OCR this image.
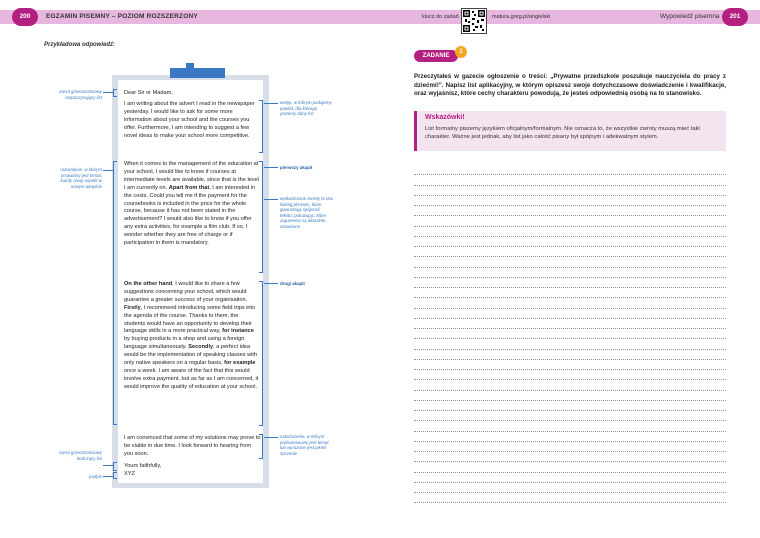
200	EGZAMIN PISEMNY – POZIOM ROZSZERZONY	klucz do zadań	matura.greg.pl/angielski	Wypowiedź pisemna	201
Przykładowa odpowiedź:
Dear Sir or Madam,
I am writing about the advert I read in the newspaper yesterday. I would like to ask for some more information about your school and the courses you offer. Furthermore, I am intending to suggest a few novel ideas to make your school more competitive.
When it comes to the management of the education at your school, I would like to know if courses at intermediate levels are available, since that is the level I am currently on. Apart from that, I am interested in the costs. Could you tell me if the payment for the coursebooks is included in the price for the whole course, because it has not been stated in the advertisement? I would also like to know if you offer any extra activities, for example a film club. If so, I wonder whether they are free of charge or if participation in them is mandatory.
On the other hand, I would like to share a few suggestions concerning your school, which would guarantee a greater success of your organisation. Firstly, I recommend introducing some field trips into the agenda of the course. Thanks to them, the students would have an opportunity to develop their language skills in a more practical way, for instance by buying products in a shop and using a foreign language simultaneously. Secondly, a perfect idea would be the implementation of speaking classes with only native speakers on a regular basis, for example once a week. I am aware of the fact that this would involve extra payment, but as far as I am concerned, it would improve the quality of education at your school.
I am convinced that some of my solutions may prove to be viable in due time. I look forward to hearing from you soon.
Yours faithfully,
XYZ
zwrot grzecznościowy rozpoczynający list
rozwinięcie, w którym omawiany jest temat, każdy nowy aspekt w nowym akapicie
zwrot grzecznościowy kończący list
podpis
wstęp, w którym podajemy powód, dla którego piszemy dany list
pierwszy akapit
wytłuszczone zwroty to tzw. linking phrases, które gwarantują spójność tekstu, pokazując, które argumenty są aktualnie omawiane
drugi akapit
zakończenie, w którym podsumowany jest temat lub wyrażone jest jakieś życzenie
ZADANIE
1
Przeczytałeś w gazecie ogłoszenie o treści: „Prywatne przedszkole poszukuje nauczyciela do pracy z dziećmi!”. Napisz list aplikacyjny, w którym opiszesz swoje dotychczasowe doświadczenie i kwalifikacje, oraz wyjaśnisz, które cechy charakteru powodują, że jesteś odpowiednią osobą na to stanowisko.
Wskazówki!
List formalny piszemy językiem oficjalnym/formalnym. Nie oznacza to, że wszystkie zwroty muszą mieć taki charakter. Ważne jest jednak, aby list jako całość pisany był spójnym i adekwatnym stylem.
